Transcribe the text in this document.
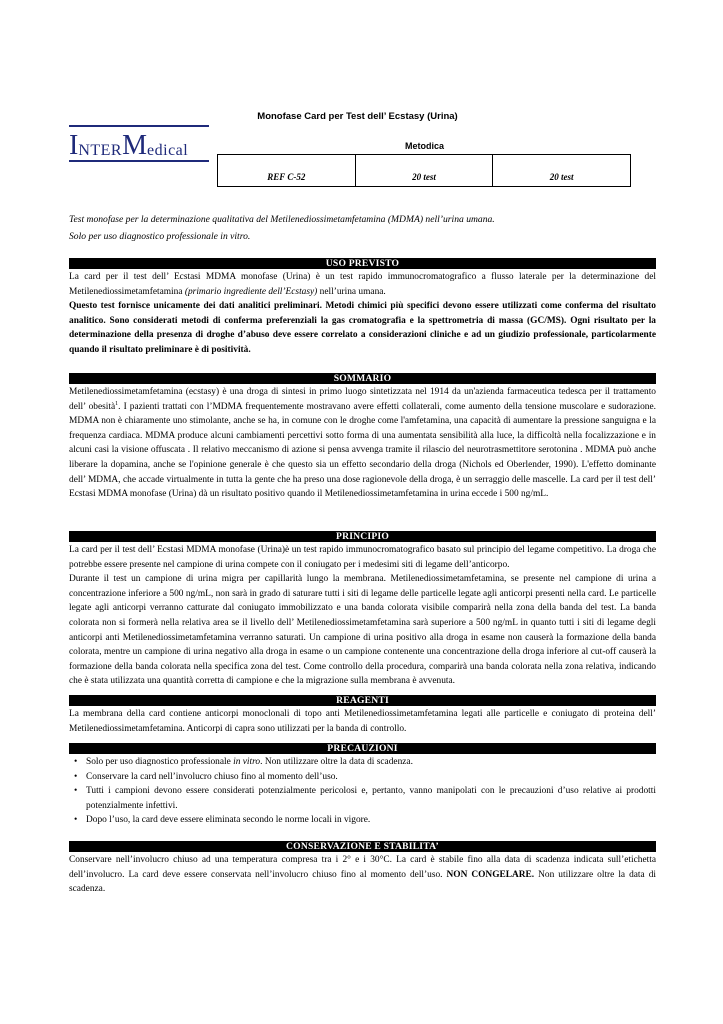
Monofase Card per Test dell’ Ecstasy (Urina)
I NTER M edical	Metodica
REF C-52	20 test	20 test
Test monofase per la determinazione qualitativa del Metilenediossimetamfetamina (MDMA) nell’urina umana.
Solo per uso diagnostico professionale in vitro.
USO PREVISTO

La card per il test dell’ Ecstasi MDMA monofase (Urina) è un test rapido immunocromatografico a flusso laterale per la determinazione del Metilenediossimetamfetamina (primario ingrediente dell’Ecstasy) nell’urina umana.

Questo test fornisce unicamente dei dati analitici preliminari. Metodi chimici più specifici devono essere utilizzati come conferma del risultato analitico. Sono considerati metodi di conferma preferenziali la gas cromatografia e la spettrometria di massa (GC/MS). Ogni risultato per la determinazione della presenza di droghe d’abuso deve essere correlato a considerazioni cliniche e ad un giudizio professionale, particolarmente quando il risultato preliminare è di positività.

SOMMARIO

Metilenediossimetamfetamina (ecstasy) è una droga di sintesi in primo luogo sintetizzata nel 1914 da un'azienda farmaceutica tedesca per il trattamento dell’ obesità$^1$. I pazienti trattati con l’MDMA frequentemente mostravano avere effetti collaterali, come aumento della tensione muscolare e sudorazione. MDMA non è chiaramente uno stimolante, anche se ha, in comune con le droghe come l'amfetamina, una capacità di aumentare la pressione sanguigna e la frequenza cardiaca. MDMA produce alcuni cambiamenti percettivi sotto forma di una aumentata sensibilità alla luce, la difficoltà nella focalizzazione e in alcuni casi la visione offuscata . Il relativo meccanismo di azione si pensa avvenga tramite il rilascio del neurotrasmettitore serotonina . MDMA può anche liberare la dopamina, anche se l'opinione generale è che questo sia un effetto secondario della droga (Nichols ed Oberlender, 1990). L'effetto dominante dell’ MDMA, che accade virtualmente in tutta la gente che ha preso una dose ragionevole della droga, è un serraggio delle mascelle. La card per il test dell’ Ecstasi MDMA monofase (Urina) dà un risultato positivo quando il Metilenediossimetamfetamina in urina eccede i 500 ng/mL.

PRINCIPIO

La card per il test dell’ Ecstasi MDMA monofase (Urina)è un test rapido immunocromatografico basato sul principio del legame competitivo. La droga che potrebbe essere presente nel campione di urina compete con il coniugato per i medesimi siti di legame dell’anticorpo.

Durante il test un campione di urina migra per capillarità lungo la membrana. Metilenediossimetamfetamina, se presente nel campione di urina a concentrazione inferiore a 500 ng/mL, non sarà in grado di saturare tutti i siti di legame delle particelle legate agli anticorpi presenti nella card. Le particelle legate agli anticorpi verranno catturate dal coniugato immobilizzato e una banda colorata visibile comparirà nella zona della banda del test. La banda colorata non si formerà nella relativa area se il livello dell’ Metilenediossimetamfetamina sarà superiore a 500 ng/mL in quanto tutti i siti di legame degli anticorpi anti Metilenediossimetamfetamina verranno saturati. Un campione di urina positivo alla droga in esame non causerà la formazione della banda colorata, mentre un campione di urina negativo alla droga in esame o un campione contenente una concentrazione della droga inferiore al cut-off causerà la formazione della banda colorata nella specifica zona del test. Come controllo della procedura, comparirà una banda colorata nella zona relativa, indicando che è stata utilizzata una quantità corretta di campione e che la migrazione sulla membrana è avvenuta.

REAGENTI

La membrana della card contiene anticorpi monoclonali di topo anti Metilenediossimetamfetamina legati alle particelle e coniugato di proteina dell’ Metilenediossimetamfetamina. Anticorpi di capra sono utilizzati per la banda di controllo.

PRECAUZIONI
• Solo per uso diagnostico professionale in vitro. Non utilizzare oltre la data di scadenza.
• Conservare la card nell’involucro chiuso fino al momento dell’uso.
• Tutti i campioni devono essere considerati potenzialmente pericolosi e, pertanto, vanno manipolati con le precauzioni d’uso relative ai prodotti potenzialmente infettivi.
• Dopo l’uso, la card deve essere eliminata secondo le norme locali in vigore.
CONSERVAZIONE E STABILITA’

Conservare nell’involucro chiuso ad una temperatura compresa tra i 2° e i 30°C. La card è stabile fino alla data di scadenza indicata sull’etichetta dell’involucro. La card deve essere conservata nell’involucro chiuso fino al momento dell’uso. NON CONGELARE. Non utilizzare oltre la data di scadenza.
